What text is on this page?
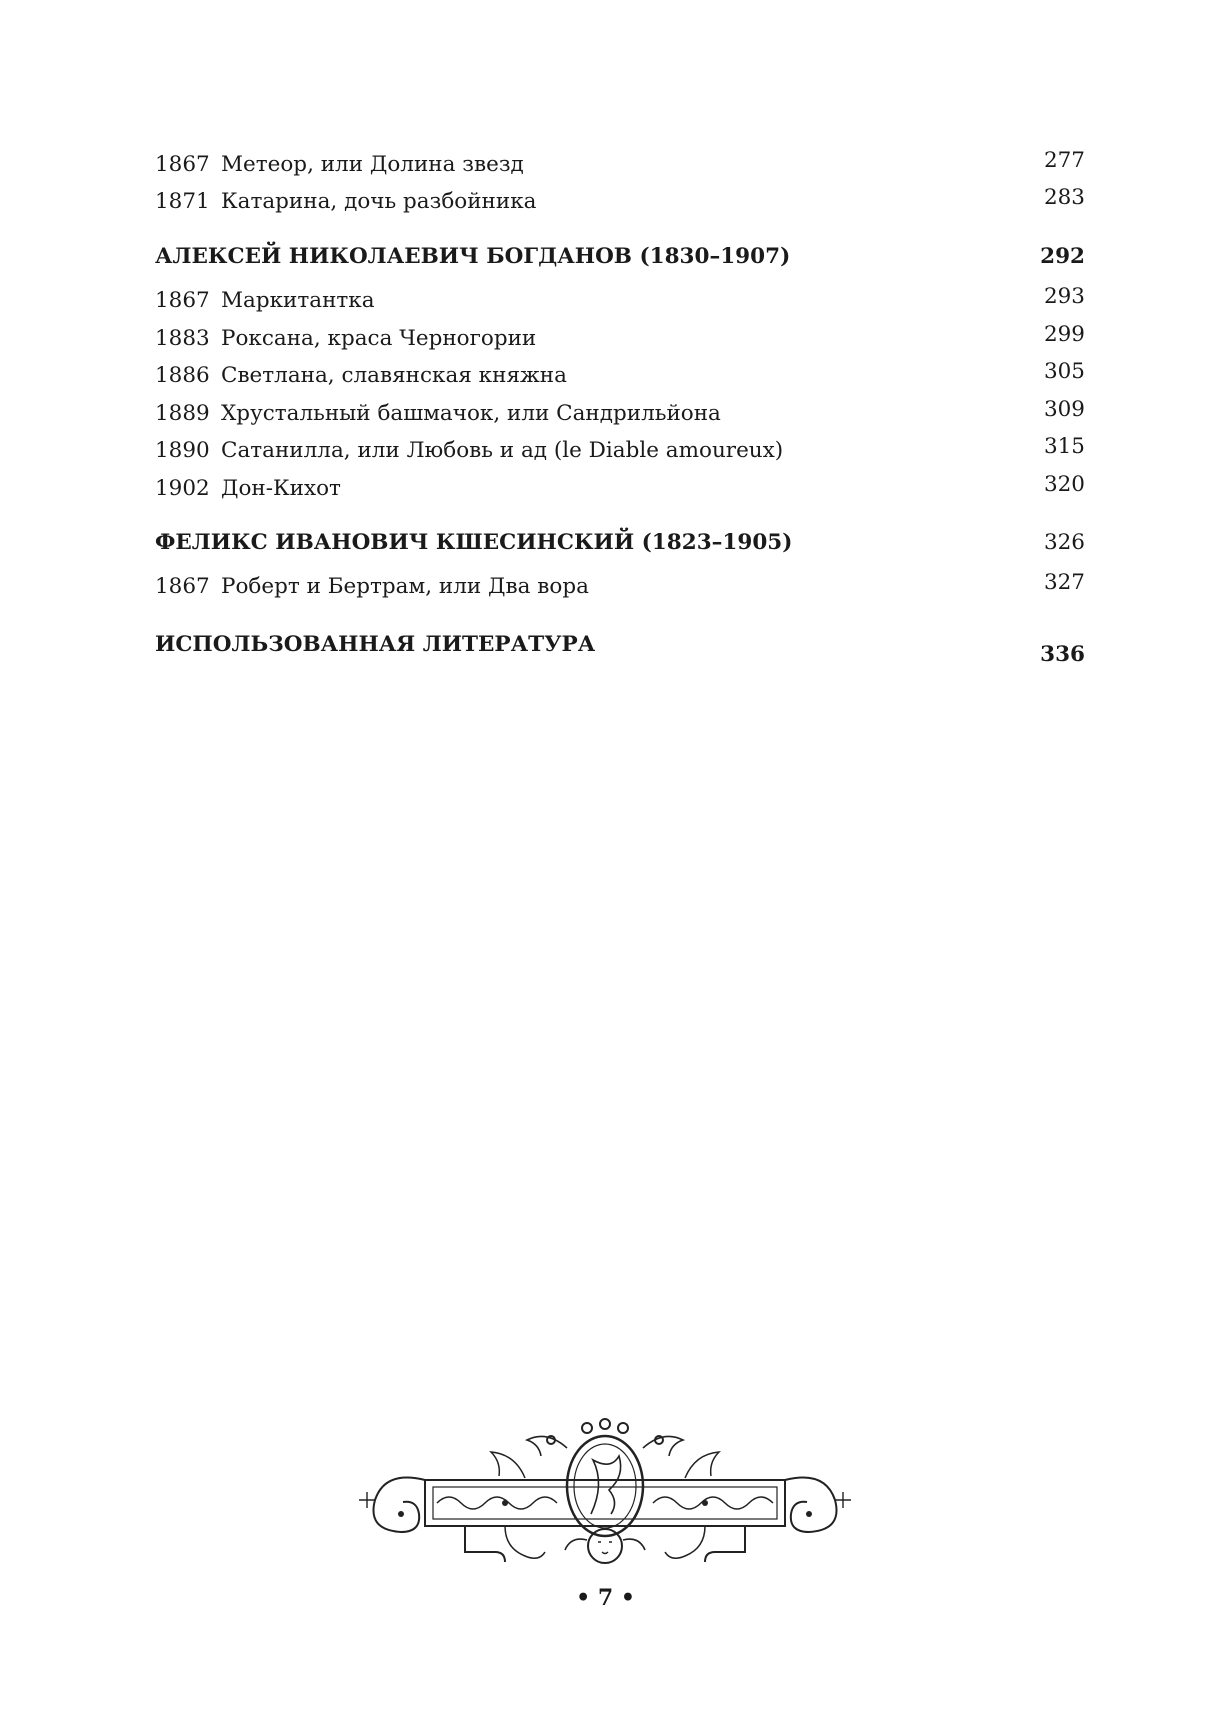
1867 Метеор, или Долина звезд	277
1871 Катарина, дочь разбойника	283
АЛЕКСЕЙ НИКОЛАЕВИЧ БОГДАНОВ (1830–1907)	292
1867 Маркитантка	293
1883 Роксана, краса Черногории	299
1886 Светлана, славянская княжна	305
1889 Хрустальный башмачок, или Сандрильйона	309
1890 Сатанилла, или Любовь и ад (le Diable amoureux)	315
1902 Дон-Кихот	320
ФЕЛИКС ИВАНОВИЧ КШЕСИНСКИЙ (1823–1905)	326
1867 Роберт и Бертрам, или Два вора	327
ИСПОЛЬЗОВАННАЯ ЛИТЕРАТУРА	336
• 7 •
